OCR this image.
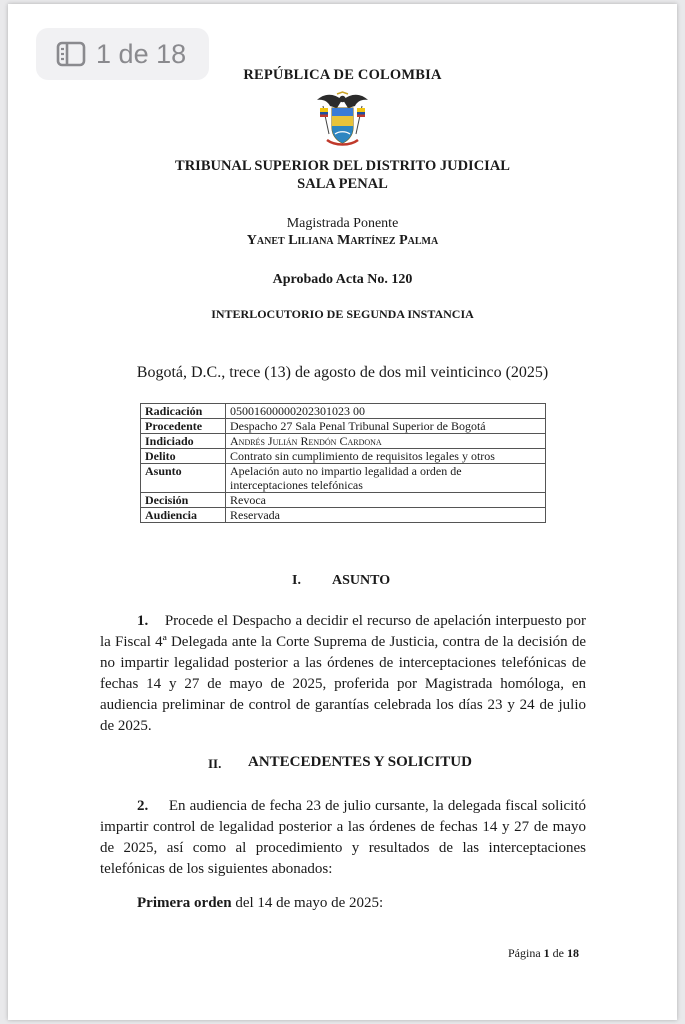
1 de 18
REPÚBLICA DE COLOMBIA
TRIBUNAL SUPERIOR DEL DISTRITO JUDICIAL
SALA PENAL
Magistrada Ponente
Yanet Liliana Martínez Palma
Aprobado Acta No. 120
INTERLOCUTORIO DE SEGUNDA INSTANCIA
Bogotá, D.C., trece (13) de agosto de dos mil veinticinco (2025)
Radicación	05001600000202301023 00
Procedente	Despacho 27 Sala Penal Tribunal Superior de Bogotá
Indiciado	Andrés Julián Rendón Cardona
Delito	Contrato sin cumplimiento de requisitos legales y otros
Asunto	Apelación auto no impartio legalidad a orden de interceptaciones telefónicas
Decisión	Revoca
Audiencia	Reservada
I. ASUNTO
1. Procede el Despacho a decidir el recurso de apelación interpuesto por la Fiscal 4ª Delegada ante la Corte Suprema de Justicia, contra de la decisión de no impartir legalidad posterior a las órdenes de interceptaciones telefónicas de fechas 14 y 27 de mayo de 2025, proferida por Magistrada homóloga, en audiencia preliminar de control de garantías celebrada los días 23 y 24 de julio de 2025.
II. ANTECEDENTES Y SOLICITUD
2. En audiencia de fecha 23 de julio cursante, la delegada fiscal solicitó impartir control de legalidad posterior a las órdenes de fechas 14 y 27 de mayo de 2025, así como al procedimiento y resultados de las interceptaciones telefónicas de los siguientes abonados:
Primera orden del 14 de mayo de 2025:
Página 1 de 18
